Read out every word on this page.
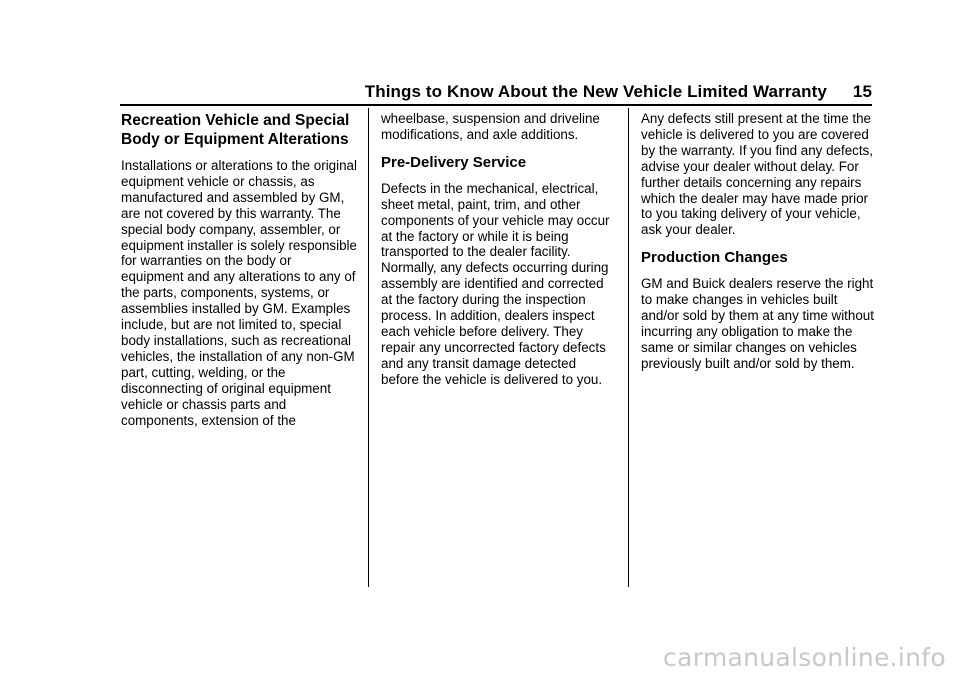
Things to Know About the New Vehicle Limited Warranty 15
Recreation Vehicle and Special Body or Equipment Alterations

Installations or alterations to the original equipment vehicle or chassis, as manufactured and assembled by GM, are not covered by this warranty. The special body company, assembler, or equipment installer is solely responsible for warranties on the body or equipment and any alterations to any of the parts, components, systems, or assemblies installed by GM. Examples include, but are not limited to, special body installations, such as recreational vehicles, the installation of any non-GM part, cutting, welding, or the disconnecting of original equipment vehicle or chassis parts and components, extension of the

wheelbase, suspension and driveline modifications, and axle additions.

Pre-Delivery Service

Defects in the mechanical, electrical, sheet metal, paint, trim, and other components of your vehicle may occur at the factory or while it is being transported to the dealer facility. Normally, any defects occurring during assembly are identified and corrected at the factory during the inspection process. In addition, dealers inspect each vehicle before delivery. They repair any uncorrected factory defects and any transit damage detected before the vehicle is delivered to you.

Any defects still present at the time the vehicle is delivered to you are covered by the warranty. If you find any defects, advise your dealer without delay. For further details concerning any repairs which the dealer may have made prior to you taking delivery of your vehicle, ask your dealer.

Production Changes

GM and Buick dealers reserve the right to make changes in vehicles built and/or sold by them at any time without incurring any obligation to make the same or similar changes on vehicles previously built and/or sold by them.

carmanualsonline.info
